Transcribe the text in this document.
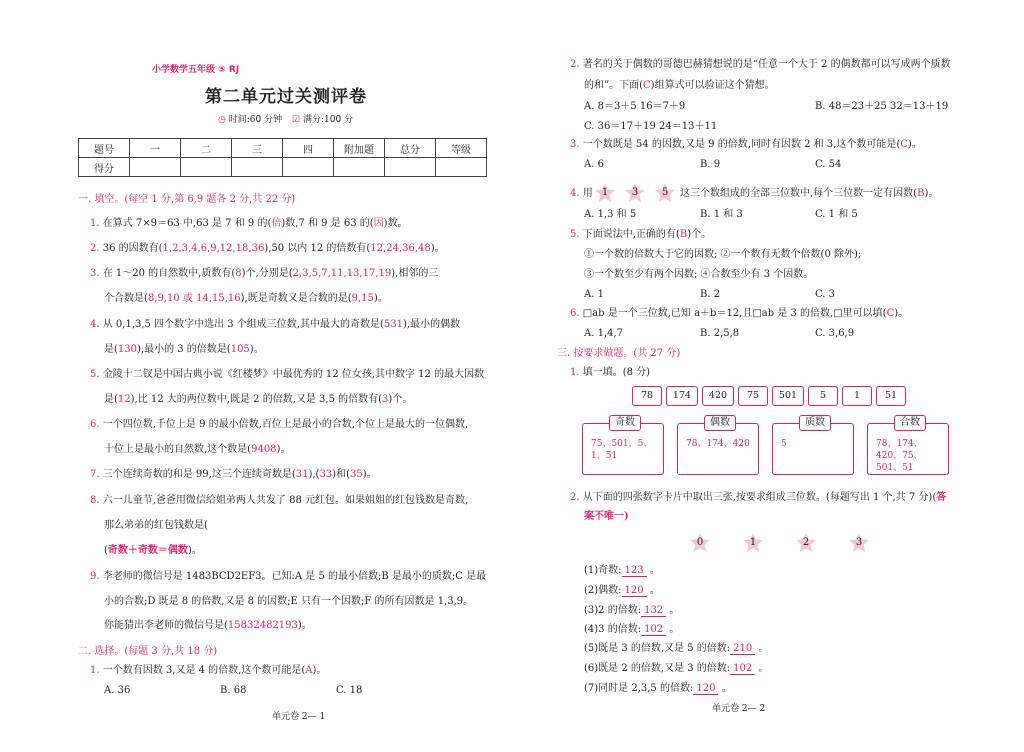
小学数学五年级 ⑤ RJ
第二单元过关测评卷
◷ 时间:60 分钟 ☑ 满分:100 分
题号	一	二	三	四	附加题	总分	等级
得分							
一. 填空。(每空 1 分,第 6,9 题各 2 分,共 22 分)
1. 在算式 7×9＝63 中,63 是 7 和 9 的(倍)数,7 和 9 是 63 的(因)数。
2. 36 的因数有(1,2,3,4,6,9,12,18,36),50 以内 12 的倍数有(12,24,36,48)。
3. 在 1～20 的自然数中,质数有(8)个,分别是(2,3,5,7,11,13,17,19),相邻的三
个合数是(8,9,10 或 14,15,16),既是奇数又是合数的是(9,15)。
4. 从 0,1,3,5 四个数字中选出 3 个组成三位数,其中最大的奇数是(531),最小的偶数
是(130),最小的 3 的倍数是(105)。
5. 金陵十二钗是中国古典小说《红楼梦》中最优秀的 12 位女孩,其中数字 12 的最大因数
是(12),比 12 大的两位数中,既是 2 的倍数,又是 3,5 的倍数有(3)个。
6. 一个四位数,千位上是 9 的最小倍数,百位上是最小的合数,个位上是最大的一位偶数,
十位上是最小的自然数,这个数是(9408)。
7. 三个连续奇数的和是 99,这三个连续奇数是(31),(33)和(35)。
8. 六一儿童节,爸爸用微信给姐弟两人共发了 88 元红包。如果姐姐的红包钱数是奇数,
那么弟弟的红包钱数是(
(奇数＋奇数＝偶数)。
9. 李老师的微信号是 1483BCD2EF3。已知:A 是 5 的最小倍数;B 是最小的质数;C 是最
小的合数;D 既是 8 的倍数,又是 8 的因数;E 只有一个因数;F 的所有因数是 1,3,9。
你能猜出李老师的微信号是(15832482193)。
二. 选择。(每题 3 分,共 18 分)
1. 一个数有因数 3,又是 4 的倍数,这个数可能是(A)。
A. 36	B. 68	C. 18
单元卷 2— 1
2. 著名的关于偶数的哥德巴赫猜想说的是“任意一个大于 2 的偶数都可以写成两个质数
的和”。下面(C)组算式可以验证这个猜想。
A. 8＝3＋5 16＝7＋9	B. 48＝23＋25 32＝13＋19
C. 36＝17＋19 24＝13＋11
3. 一个数既是 54 的因数,又是 9 的倍数,同时有因数 2 和 3,这个数可能是(C)。
A. 6	B. 9	C. 54
4. 用 1	3	5	这三个数组成的全部三位数中,每个三位数一定有因数(B)。
A. 1,3 和 5	B. 1 和 3	C. 1 和 5
5. 下面说法中,正确的有(B)个。
①一个数的倍数大于它的因数; ②一个数有无数个倍数(0 除外);
③一个数至少有两个因数; ④合数至少有 3 个因数。
A. 1	B. 2	C. 3
6. □ab 是一个三位数,已知 a＋b＝12,且□ab 是 3 的倍数,□里可以填(C)。
A. 1,4,7	B. 2,5,8	C. 3,6,9
三. 按要求做题。(共 27 分)
1. 填一填。(8 分)
78	174	420	75	501	5	1	51
奇数
75、501、5、1、51
偶数
78、174、420
质数
5
合数
78、174、420、75、501、51
2. 从下面的四张数字卡片中取出三张,按要求组成三位数。(每题写出 1 个,共 7 分)(答
案不唯一)
0	1	2	3
(1)奇数: 123 。
(2)偶数: 120 。
(3)2 的倍数: 132 。
(4)3 的倍数: 102 。
(5)既是 3 的倍数,又是 5 的倍数: 210 。
(6)既是 2 的倍数,又是 3 的倍数: 102 。
(7)同时是 2,3,5 的倍数: 120 。
单元卷 2— 2
